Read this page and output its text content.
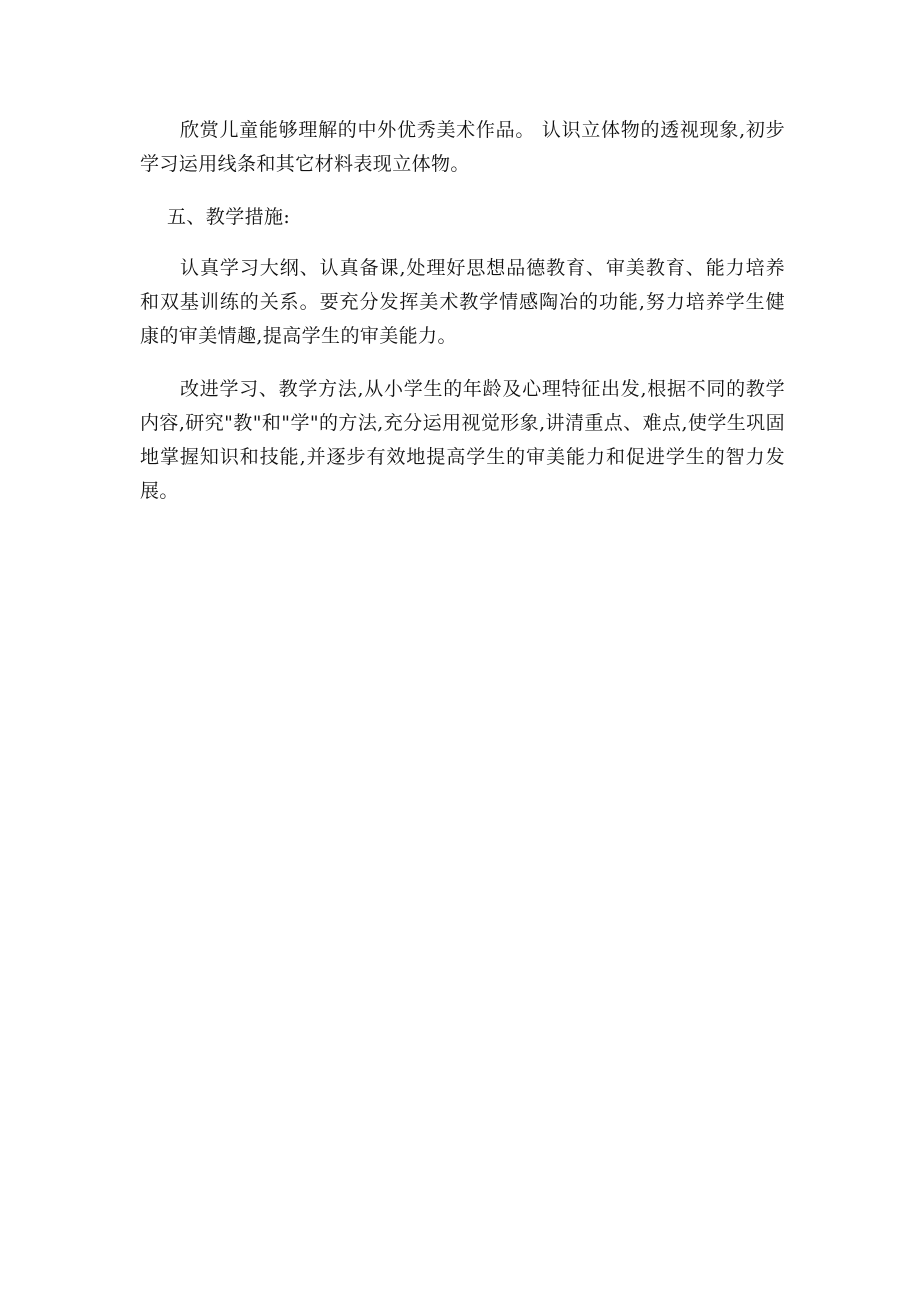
欣赏儿童能够理解的中外优秀美术作品。 认识立体物的透视现象,初步学习运用线条和其它材料表现立体物。

五、教学措施:

认真学习大纲、认真备课,处理好思想品德教育、审美教育、能力培养和双基训练的关系。要充分发挥美术教学情感陶冶的功能,努力培养学生健康的审美情趣,提高学生的审美能力。

改进学习、教学方法,从小学生的年龄及心理特征出发,根据不同的教学内容,研究"教"和"学"的方法,充分运用视觉形象,讲清重点、难点,使学生巩固地掌握知识和技能,并逐步有效地提高学生的审美能力和促进学生的智力发展。
